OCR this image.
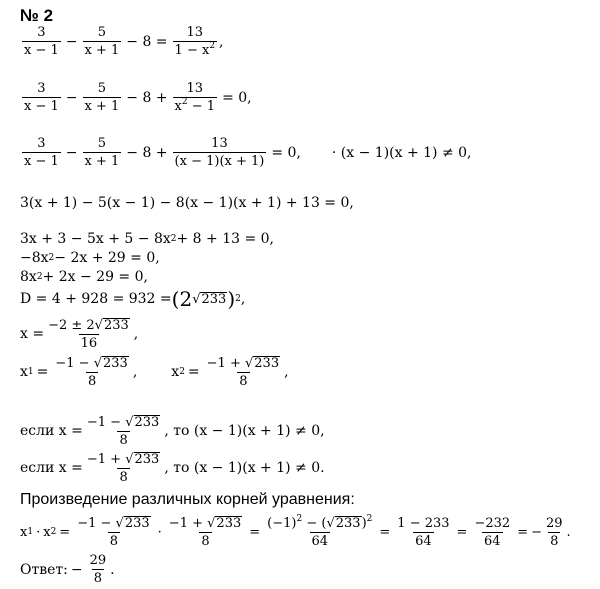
№ 2
3
x − 1
− $\frac{5}{x + 1} - 8 = \frac{13}{1 - x^2}$ ,
3
x − 1
− $\frac{5}{x + 1} - 8 + \frac{13}{x^2 - 1} = 0$,
3
x − 1
− $\frac{5}{x + 1} - 8 + \frac{13}{(x - 1)(x + 1)} = 0$, · (x − 1)(x + 1) ≠ 0,
3(x + 1) − 5(x − 1) − 8(x − 1)(x + 1) + 13 = 0,
3x + 3 − 5x + 5 − 8x 2 + 8 + 13 = 0,
−8x 2 − 2x + 29 = 0,
8x 2 + 2x − 29 = 0,
D = 4 + 928 = 932 = (2 √ 233 ) 2 ,
$x = \frac{-2 \pm 2 √ 233}{16}$ ,
x $1 = \frac{-1 - √ 233}{8}$ , x $2 = \frac{-1 + √ 233}{8}$ ,
если $x = \frac{-1 - √ 233}{8}$ , то (x − 1)(x + 1) ≠ 0,
если $x = \frac{-1 + √ 233}{8}$ , то (x − 1)(x + 1) ≠ 0.
Произведение различных корней уравнения:
x 1 · x $2 = \frac{-1 - √ 233}{8} \cdot \frac{-1 + √ 233}{8} = \frac{(-1)^2 - ( √ 233 )^2}{64} = \frac{1 - 233}{64} = \frac{-232}{64}$ = − $\frac{29}{8}$ .
Ответ: − $\frac{29}{8}$ .
